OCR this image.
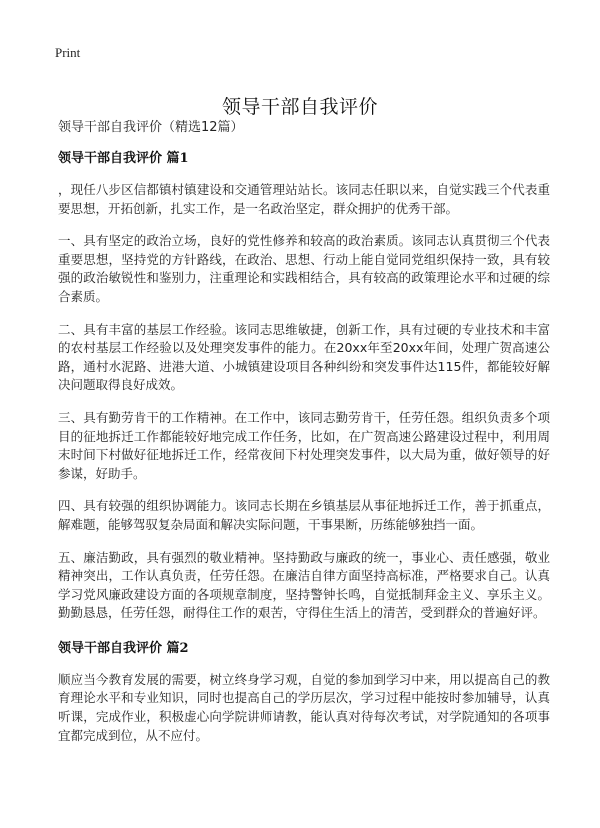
Print
领导干部自我评价

领导干部自我评价（精选12篇）

领导干部自我评价 篇1

，现任八步区信都镇村镇建设和交通管理站站长。该同志任职以来，自觉实践三个代表重要思想，开拓创新，扎实工作，是一名政治坚定，群众拥护的优秀干部。

一、具有坚定的政治立场，良好的党性修养和较高的政治素质。该同志认真贯彻三个代表重要思想，坚持党的方针路线，在政治、思想、行动上能自觉同党组织保持一致，具有较强的政治敏锐性和鉴别力，注重理论和实践相结合，具有较高的政策理论水平和过硬的综合素质。

二、具有丰富的基层工作经验。该同志思维敏捷，创新工作，具有过硬的专业技术和丰富的农村基层工作经验以及处理突发事件的能力。在20xx年至20xx年间，处理广贺高速公路，通村水泥路、进港大道、小城镇建设项目各种纠纷和突发事件达115件，都能较好解决问题取得良好成效。

三、具有勤劳肯干的工作精神。在工作中，该同志勤劳肯干，任劳任怨。组织负责多个项目的征地拆迁工作都能较好地完成工作任务，比如，在广贺高速公路建设过程中，利用周末时间下村做好征地拆迁工作，经常夜间下村处理突发事件，以大局为重，做好领导的好参谋，好助手。

四、具有较强的组织协调能力。该同志长期在乡镇基层从事征地拆迁工作，善于抓重点，解难题，能够驾驭复杂局面和解决实际问题，干事果断，历练能够独挡一面。

五、廉洁勤政，具有强烈的敬业精神。坚持勤政与廉政的统一，事业心、责任感强，敬业精神突出，工作认真负责，任劳任怨。在廉洁自律方面坚持高标准，严格要求自己。认真学习党风廉政建设方面的各项规章制度，坚持警钟长鸣，自觉抵制拜金主义、享乐主义。勤勤恳恳，任劳任怨，耐得住工作的艰苦，守得住生活上的清苦，受到群众的普遍好评。

领导干部自我评价 篇2

顺应当今教育发展的需要，树立终身学习观，自觉的参加到学习中来，用以提高自己的教育理论水平和专业知识，同时也提高自己的学历层次，学习过程中能按时参加辅导，认真听课，完成作业，积极虚心向学院讲师请教，能认真对待每次考试，对学院通知的各项事宜都完成到位，从不应付。
